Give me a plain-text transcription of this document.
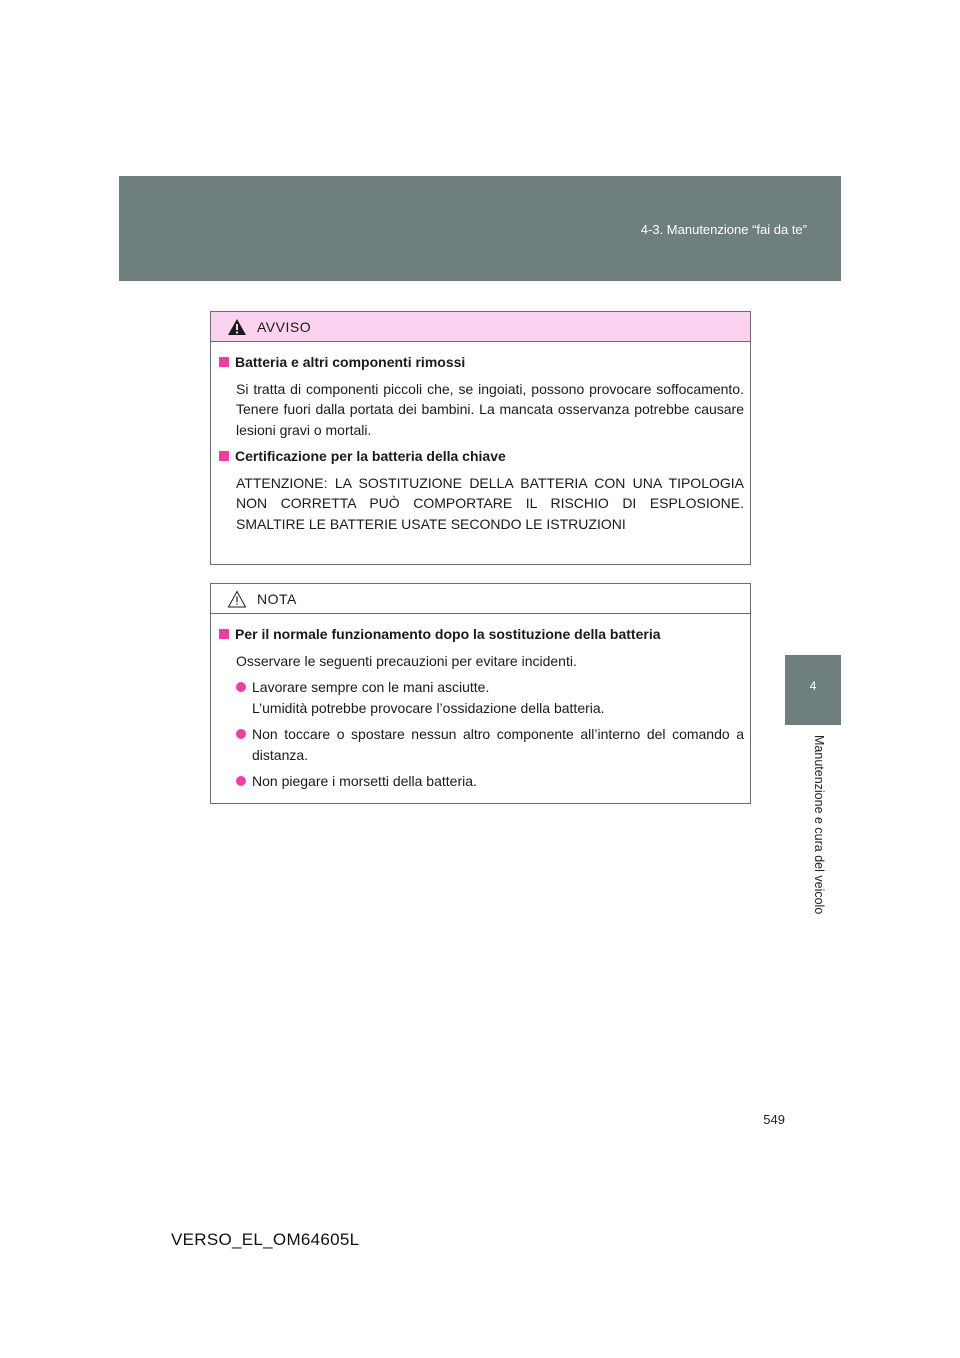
4-3. Manutenzione “fai da te”
4
Manutenzione e cura del veicolo
AVVISO
Batteria e altri componenti rimossi
Si tratta di componenti piccoli che, se ingoiati, possono provocare soffocamento. Tenere fuori dalla portata dei bambini. La mancata osservanza potrebbe causare lesioni gravi o mortali.
Certificazione per la batteria della chiave
ATTENZIONE: LA SOSTITUZIONE DELLA BATTERIA CON UNA TIPOLOGIA NON CORRETTA PUÒ COMPORTARE IL RISCHIO DI ESPLOSIONE. SMALTIRE LE BATTERIE USATE SECONDO LE ISTRUZIONI
NOTA
Per il normale funzionamento dopo la sostituzione della batteria
Osservare le seguenti precauzioni per evitare incidenti.
Lavorare sempre con le mani asciutte.
L’umidità potrebbe provocare l’ossidazione della batteria.
Non toccare o spostare nessun altro componente all’interno del comando a distanza.
Non piegare i morsetti della batteria.
549
VERSO_EL_OM64605L
